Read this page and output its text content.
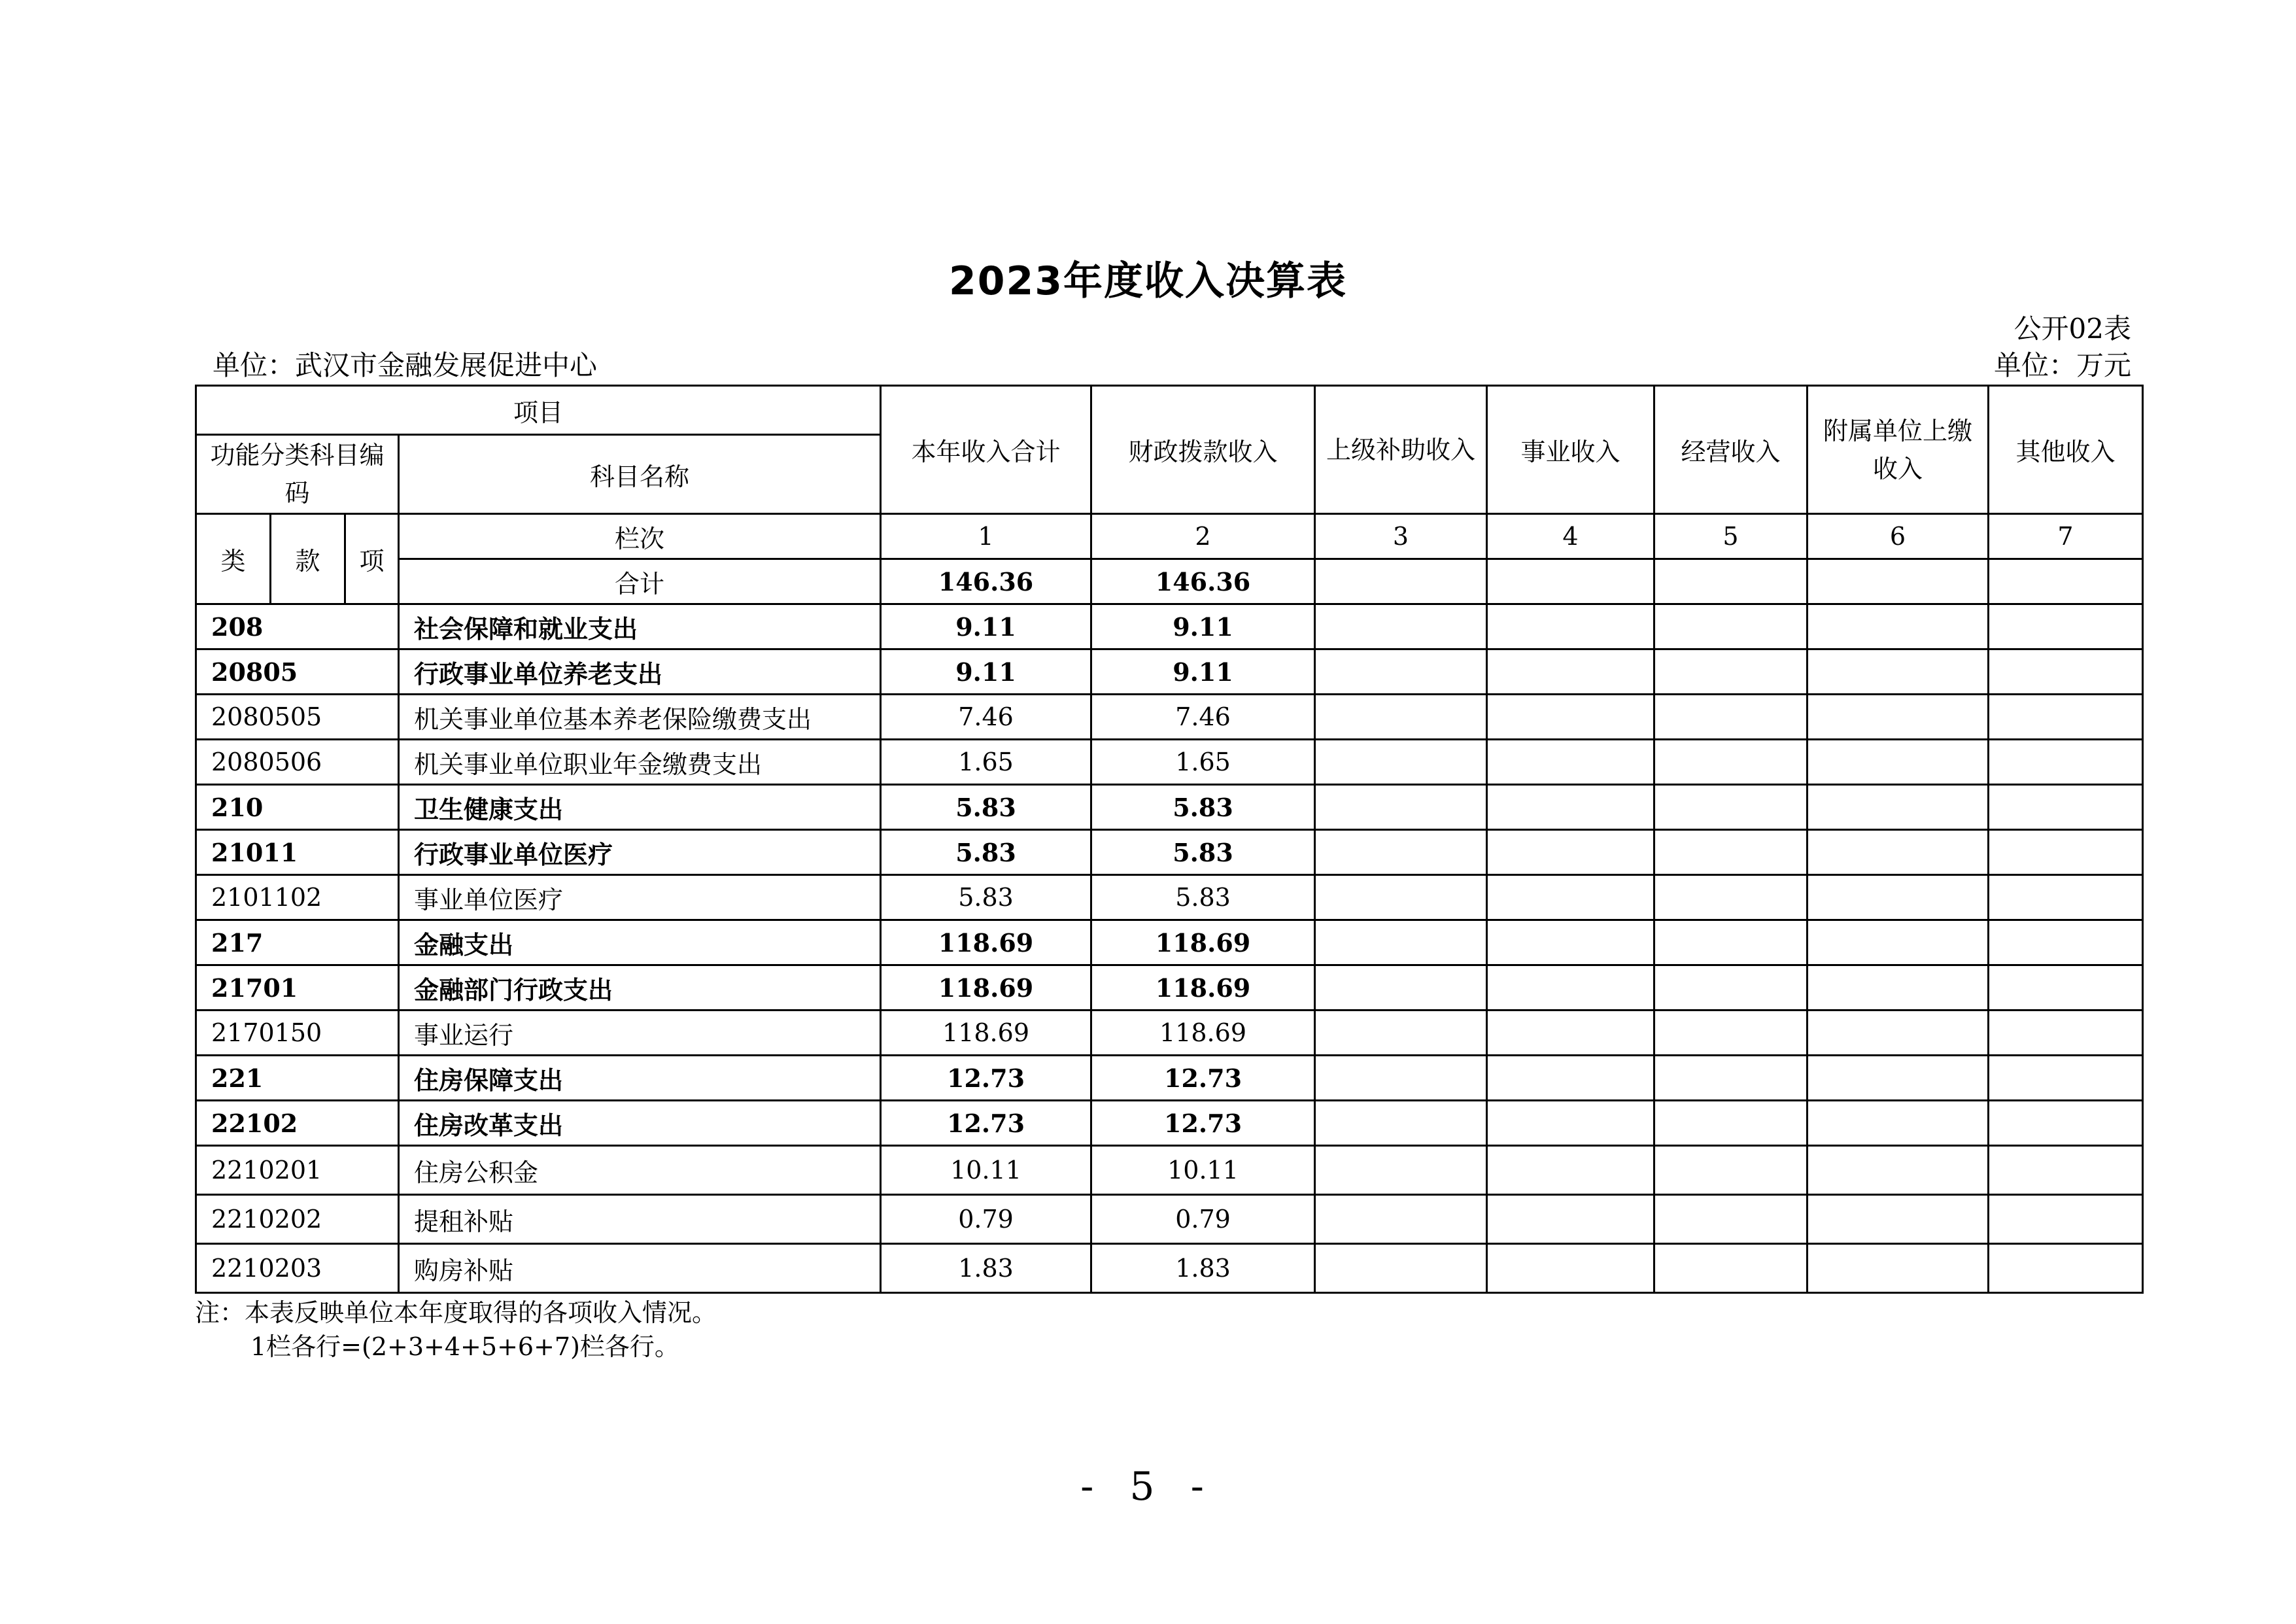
2023年度收入决算表
公开02表
单位：武汉市金融发展促进中心	单位：万元
项目				本年收入合计	财政拨款收入	上级补助收入	事业收入	经营收入	附属单位上缴收入	其他收入
功能分类科目编码			科目名称							
类	款	项	栏次	1	2	3	4	5	6	7
			合计	146.36	146.36					
208			社会保障和就业支出	9.11	9.11					
20805			行政事业单位养老支出	9.11	9.11					
2080505			机关事业单位基本养老保险缴费支出	7.46	7.46					
2080506			机关事业单位职业年金缴费支出	1.65	1.65					
210			卫生健康支出	5.83	5.83					
21011			行政事业单位医疗	5.83	5.83					
2101102			事业单位医疗	5.83	5.83					
217			金融支出	118.69	118.69					
21701			金融部门行政支出	118.69	118.69					
2170150			事业运行	118.69	118.69					
221			住房保障支出	12.73	12.73					
22102			住房改革支出	12.73	12.73					
2210201			住房公积金	10.11	10.11					
2210202			提租补贴	0.79	0.79					
2210203			购房补贴	1.83	1.83					
注：本表反映单位本年度取得的各项收入情况。
1栏各行=(2+3+4+5+6+7)栏各行。
- 5 -
